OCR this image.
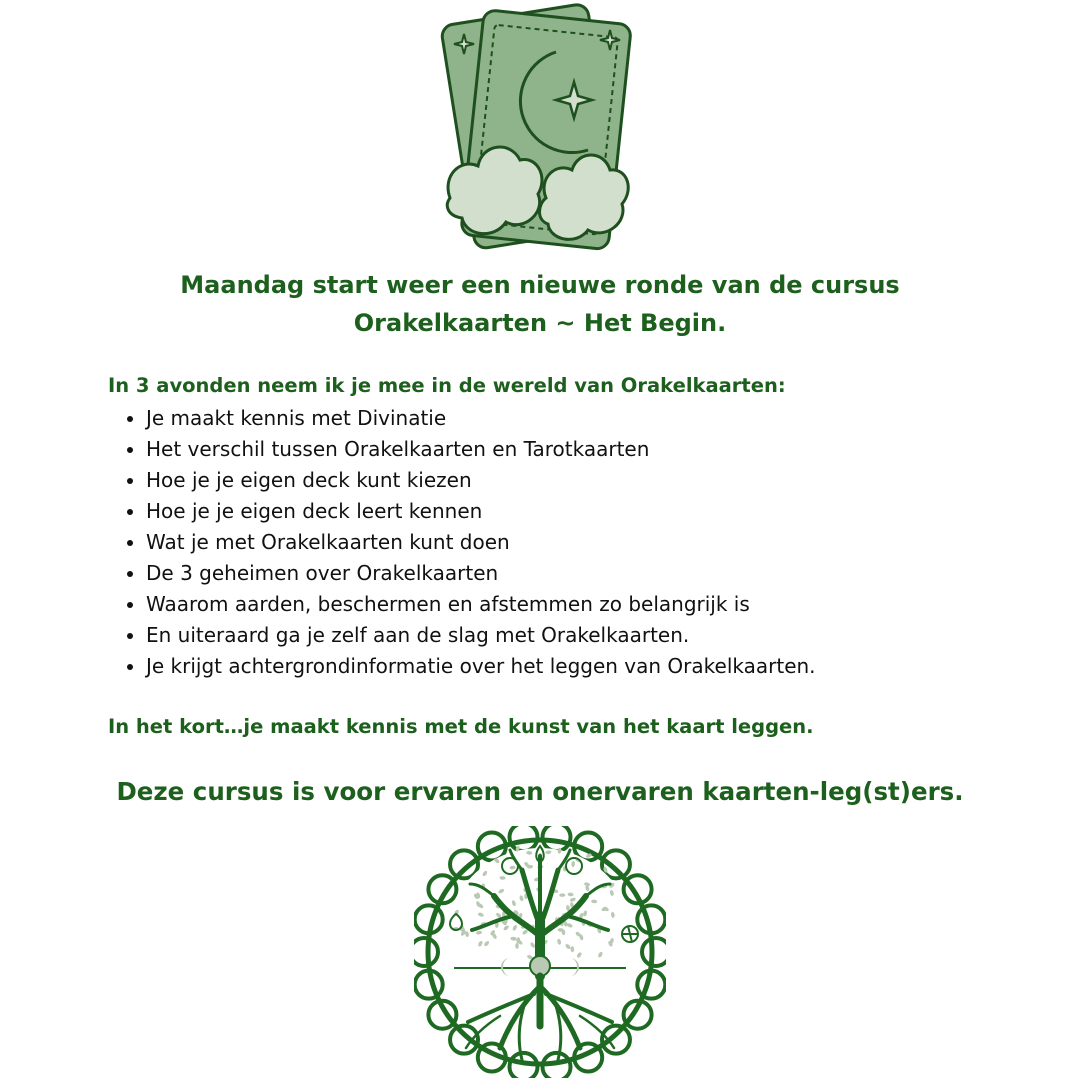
Maandag start weer een nieuwe ronde van de cursus
Orakelkaarten ~ Het Begin.

In 3 avonden neem ik je mee in de wereld van Orakelkaarten:

Je maakt kennis met Divinatie
Het verschil tussen Orakelkaarten en Tarotkaarten
Hoe je je eigen deck kunt kiezen
Hoe je je eigen deck leert kennen
Wat je met Orakelkaarten kunt doen
De 3 geheimen over Orakelkaarten
Waarom aarden, beschermen en afstemmen zo belangrijk is
En uiteraard ga je zelf aan de slag met Orakelkaarten.
Je krijgt achtergrondinformatie over het leggen van Orakelkaarten.

In het kort…je maakt kennis met de kunst van het kaart leggen.

Deze cursus is voor ervaren en onervaren kaarten-leg(st)ers.
